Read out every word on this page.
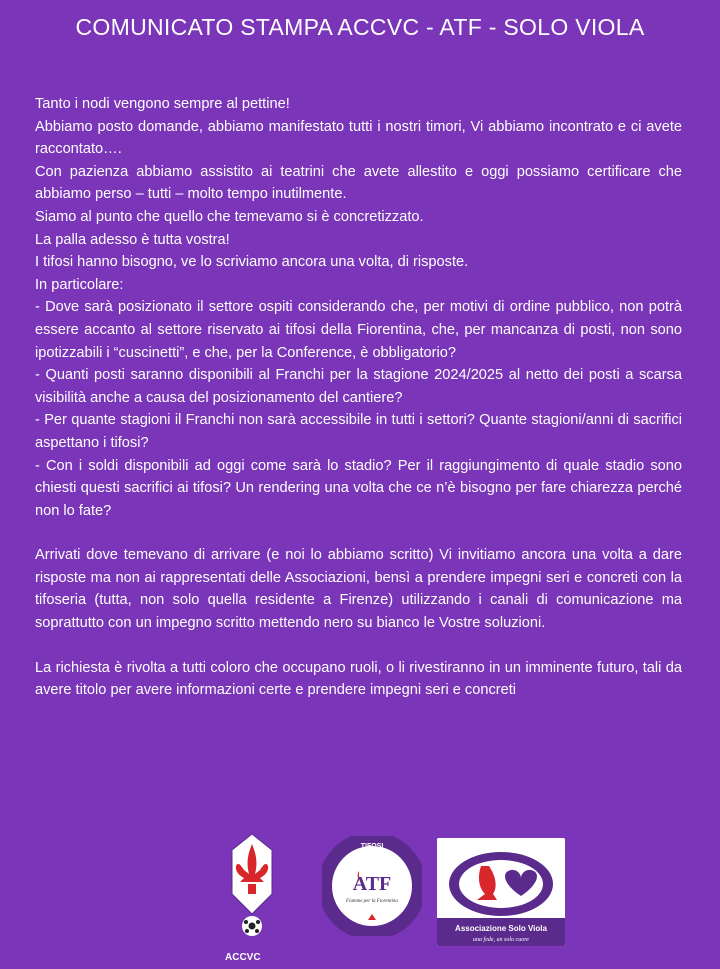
COMUNICATO STAMPA ACCVC - ATF - SOLO VIOLA

Tanto i nodi vengono sempre al pettine!

Abbiamo posto domande, abbiamo manifestato tutti i nostri timori, Vi abbiamo incontrato e ci avete raccontato….

Con pazienza abbiamo assistito ai teatrini che avete allestito e oggi possiamo certificare che abbiamo perso – tutti – molto tempo inutilmente.

Siamo al punto che quello che temevamo si è concretizzato.

La palla adesso è tutta vostra!

I tifosi hanno bisogno, ve lo scriviamo ancora una volta, di risposte.

In particolare:

- Dove sarà posizionato il settore ospiti considerando che, per motivi di ordine pubblico, non potrà essere accanto al settore riservato ai tifosi della Fiorentina, che, per mancanza di posti, non sono ipotizzabili i “cuscinetti”, e che, per la Conference, è obbligatorio?

- Quanti posti saranno disponibili al Franchi per la stagione 2024/2025 al netto dei posti a scarsa visibilità anche a causa del posizionamento del cantiere?

- Per quante stagioni il Franchi non sarà accessibile in tutti i settori? Quante stagioni/anni di sacrifici aspettano i tifosi?

- Con i soldi disponibili ad oggi come sarà lo stadio? Per il raggiungimento di quale stadio sono chiesti questi sacrifici ai tifosi? Un rendering una volta che ce n’è bisogno per fare chiarezza perché non lo fate?

Arrivati dove temevano di arrivare (e noi lo abbiamo scritto) Vi invitiamo ancora una volta a dare risposte ma non ai rappresentati delle Associazioni, bensì a prendere impegni seri e concreti con la tifoseria (tutta, non solo quella residente a Firenze) utilizzando i canali di comunicazione ma soprattutto con un impegno scritto mettendo nero su bianco le Vostre soluzioni.

La richiesta è rivolta a tutti coloro che occupano ruoli, o li rivestiranno in un imminente futuro, tali da avere titolo per avere informazioni certe e prendere impegni seri e concreti

ACCVC
ATF
Fiamme per la Fiorentina
TIFOSI
Associazione Solo Viola
una fede, un solo cuore
